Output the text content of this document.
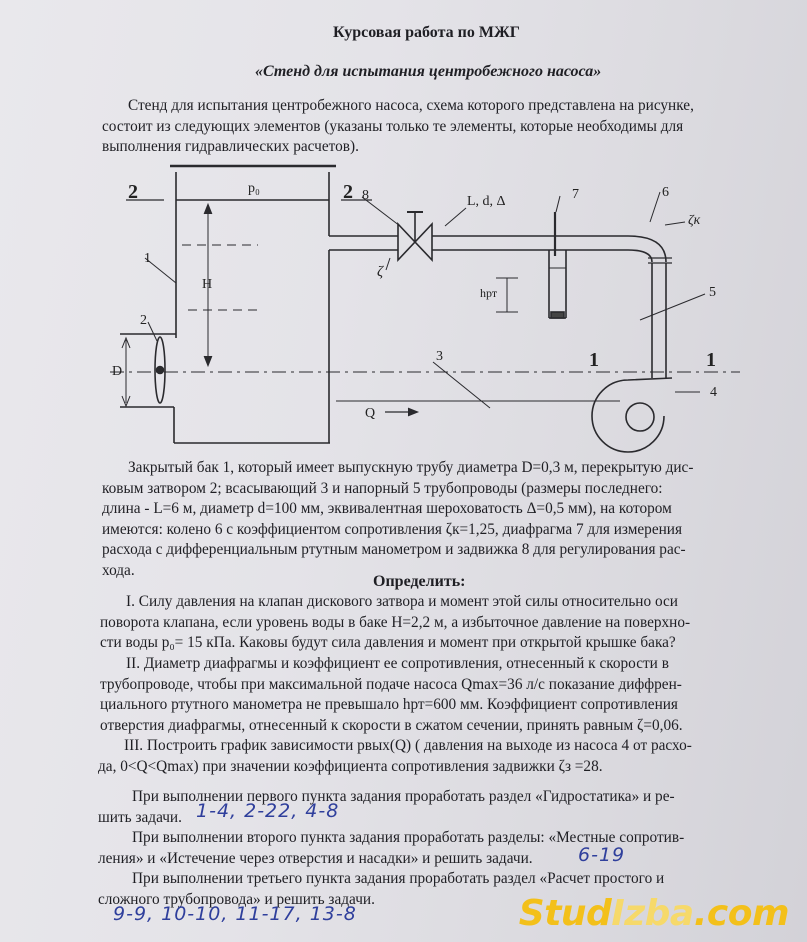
Курсовая работа по МЖГ
«Стенд для испытания центробежного насоса»
Стенд для испытания центробежного насоса, схема которого представлена на рисунке,
состоит из следующих элементов (указаны только те элементы, которые необходимы для
выполнения гидравлических расчетов).
1
2
3
4
5
6
7
8
p₀
H
D
Q
L, d, Δ
ζ
ζк
hрт
1	1
2	2
Закрытый бак 1, который имеет выпускную трубу диаметра D=0,3 м, перекрытую дис-
ковым затвором 2; всасывающий 3 и напорный 5 трубопроводы (размеры последнего:
длина - L=6 м, диаметр d=100 мм, эквивалентная шероховатость Δ=0,5 мм), на котором
имеются: колено 6 с коэффициентом сопротивления ζк=1,25, диафрагма 7 для измерения
расхода с дифференциальным ртутным манометром и задвижка 8 для регулирования рас-
хода.
Определить:
I. Силу давления на клапан дискового затвора и момент этой силы относительно оси
поворота клапана, если уровень воды в баке H=2,2 м, а избыточное давление на поверхно-
сти воды p₀= 15 кПа. Каковы будут сила давления и момент при открытой крышке бака?
II. Диаметр диафрагмы и коэффициент ее сопротивления, отнесенный к скорости в
трубопроводе, чтобы при максимальной подаче насоса Qmax=36 л/с показание диффрен-
циального ртутного манометра не превышало hрт=600 мм. Коэффициент сопротивления
отверстия диафрагмы, отнесенный к скорости в сжатом сечении, принять равным ζ=0,06.
III. Построить график зависимости pвых(Q) ( давления на выходе из насоса 4 от расхо-
да, 0<Q<Qmax) при значении коэффициента сопротивления задвижки ζз =28.
При выполнении первого пункта задания проработать раздел «Гидростатика» и ре-
шить задачи.
При выполнении второго пункта задания проработать разделы: «Местные сопротив-
ления» и «Истечение через отверстия и насадки» и решить задачи.
При выполнении третьего пункта задания проработать раздел «Расчет простого и
сложного трубопровода» и решить задачи.
1-4, 2-22, 4-8
6-19
9-9, 10-10, 11-17, 13-8	StudIzba.com
